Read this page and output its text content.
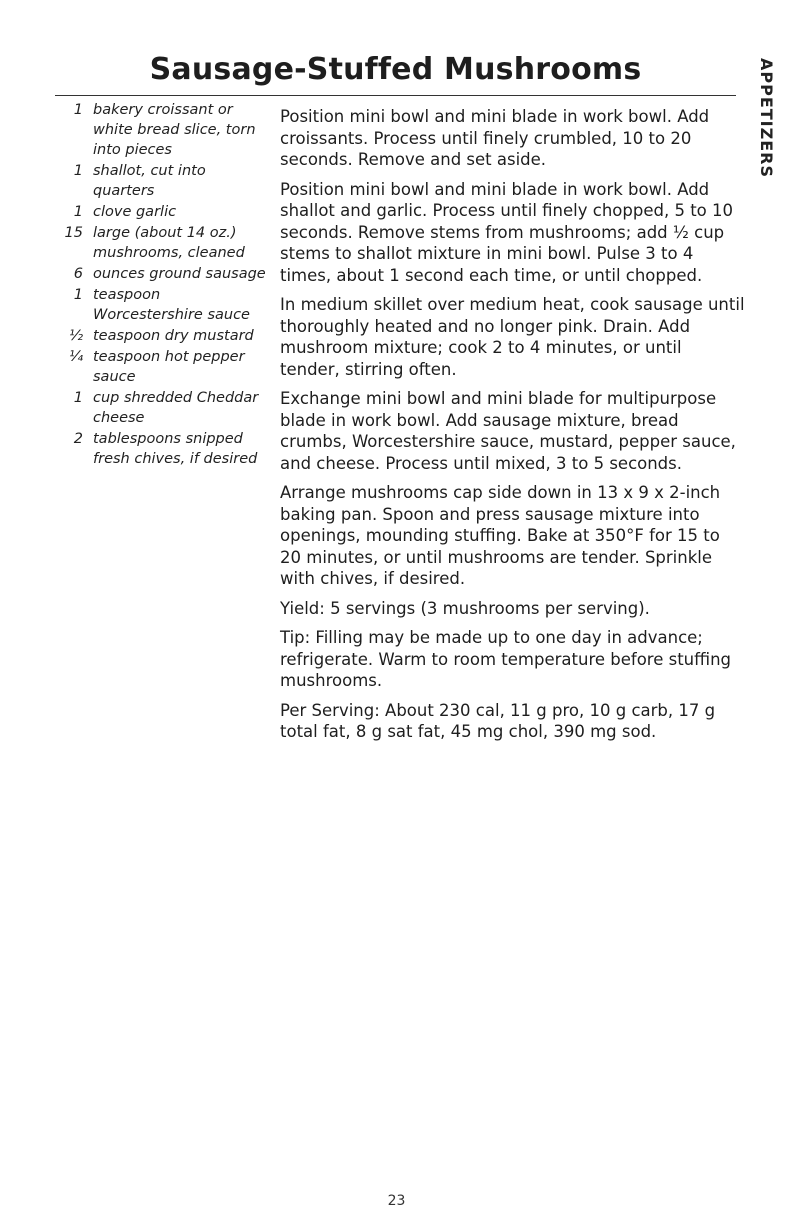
Sausage-Stuffed Mushrooms	APPETIZERS
1 bakery croissant or white bread slice, torn into pieces
1 shallot, cut into quarters
1 clove garlic
15 large (about 14 oz.) mushrooms, cleaned
6 ounces ground sausage
1 teaspoon Worcestershire sauce
½ teaspoon dry mustard
¼ teaspoon hot pepper sauce
1 cup shredded Cheddar cheese
2 tablespoons snipped fresh chives, if desired

Position mini bowl and mini blade in work bowl. Add croissants. Process until finely crumbled, 10 to 20 seconds. Remove and set aside.

Position mini bowl and mini blade in work bowl. Add shallot and garlic. Process until finely chopped, 5 to 10 seconds. Remove stems from mushrooms; add ½ cup stems to shallot mixture in mini bowl. Pulse 3 to 4 times, about 1 second each time, or until chopped.

In medium skillet over medium heat, cook sausage until thoroughly heated and no longer pink. Drain. Add mushroom mixture; cook 2 to 4 minutes, or until tender, stirring often.

Exchange mini bowl and mini blade for multipurpose blade in work bowl. Add sausage mixture, bread crumbs, Worcestershire sauce, mustard, pepper sauce, and cheese. Process until mixed, 3 to 5 seconds.

Arrange mushrooms cap side down in 13 x 9 x 2-inch baking pan. Spoon and press sausage mixture into openings, mounding stuffing. Bake at 350°F for 15 to 20 minutes, or until mushrooms are tender. Sprinkle with chives, if desired.

Yield: 5 servings (3 mushrooms per serving).

Tip: Filling may be made up to one day in advance; refrigerate. Warm to room temperature before stuffing mushrooms.

Per Serving: About 230 cal, 11 g pro, 10 g carb, 17 g total fat, 8 g sat fat, 45 mg chol, 390 mg sod.

23
